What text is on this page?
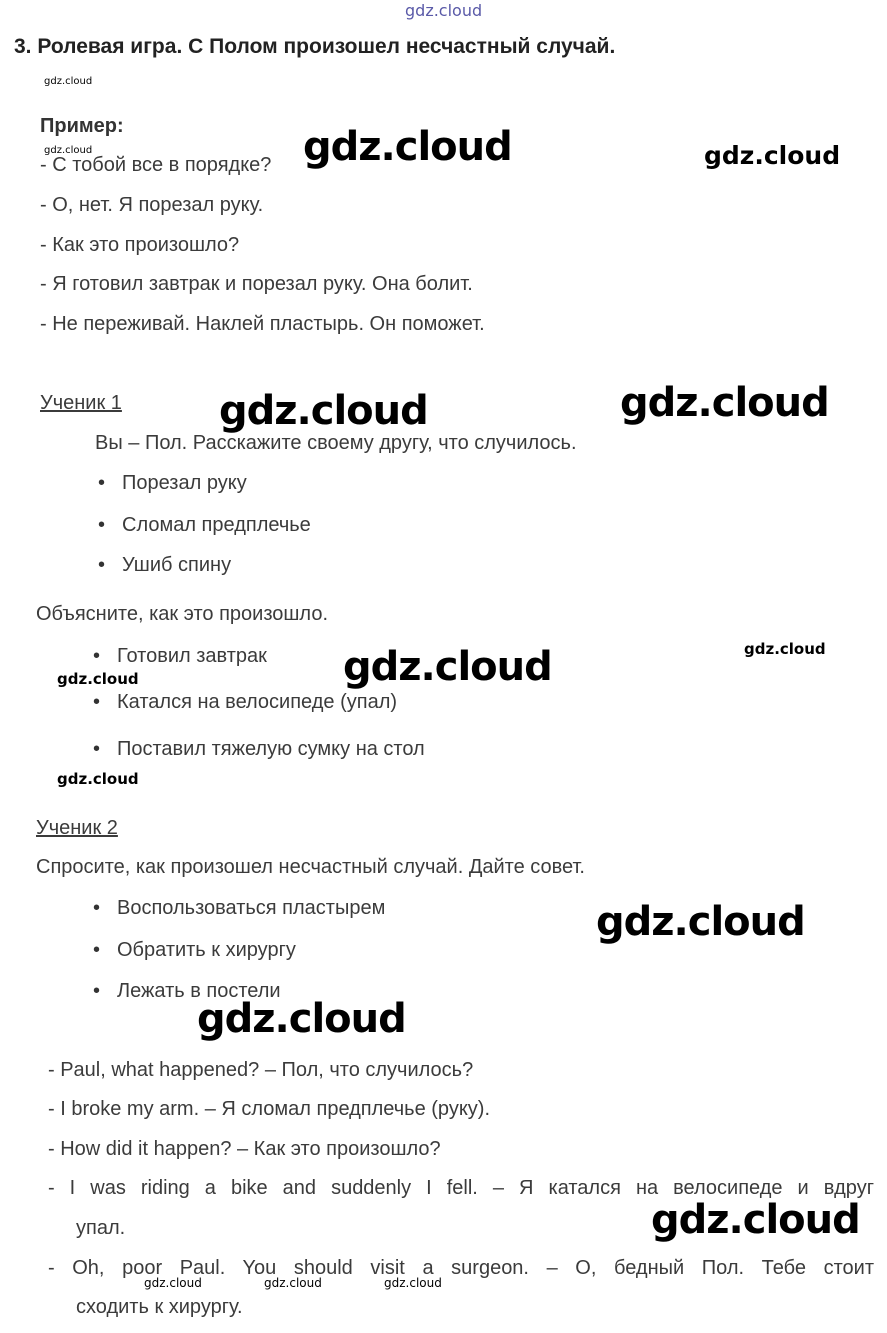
gdz.cloud
3. Ролевая игра. С Полом произошел несчастный случай.
gdz.cloud
Пример:
gdz.cloud
- С тобой все в порядке?
- О, нет. Я порезал руку.
- Как это произошло?
- Я готовил завтрак и порезал руку. Она болит.
- Не переживай. Наклей пластырь. Он поможет.
gdz.cloud	gdz.cloud
Ученик 1 gdz.cloud	gdz.cloud
Вы – Пол. Расскажите своему другу, что случилось.
• Порезал руку
• Сломал предплечье
• Ушиб спину
Объясните, как это произошло.
• Готовил завтрак
gdz.cloud	gdz.cloud	gdz.cloud
• Катался на велосипеде (упал)
• Поставил тяжелую сумку на стол
gdz.cloud
Ученик 2
Спросите, как произошел несчастный случай. Дайте совет.
• Воспользоваться пластырем	gdz.cloud
• Обратить к хирургу
• Лежать в постели
gdz.cloud
- Paul, what happened? – Пол, что случилось?
- I broke my arm. – Я сломал предплечье (руку).
- How did it happen? – Как это произошло?
- I was riding a bike and suddenly I fell. – Я катался на велосипеде и вдруг
упал.	gdz.cloud
- Oh, poor Paul. You should visit a surgeon. – О, бедный Пол. Тебе стоит
gdz.cloud	gdz.cloud	gdz.cloud
сходить к хирургу.
